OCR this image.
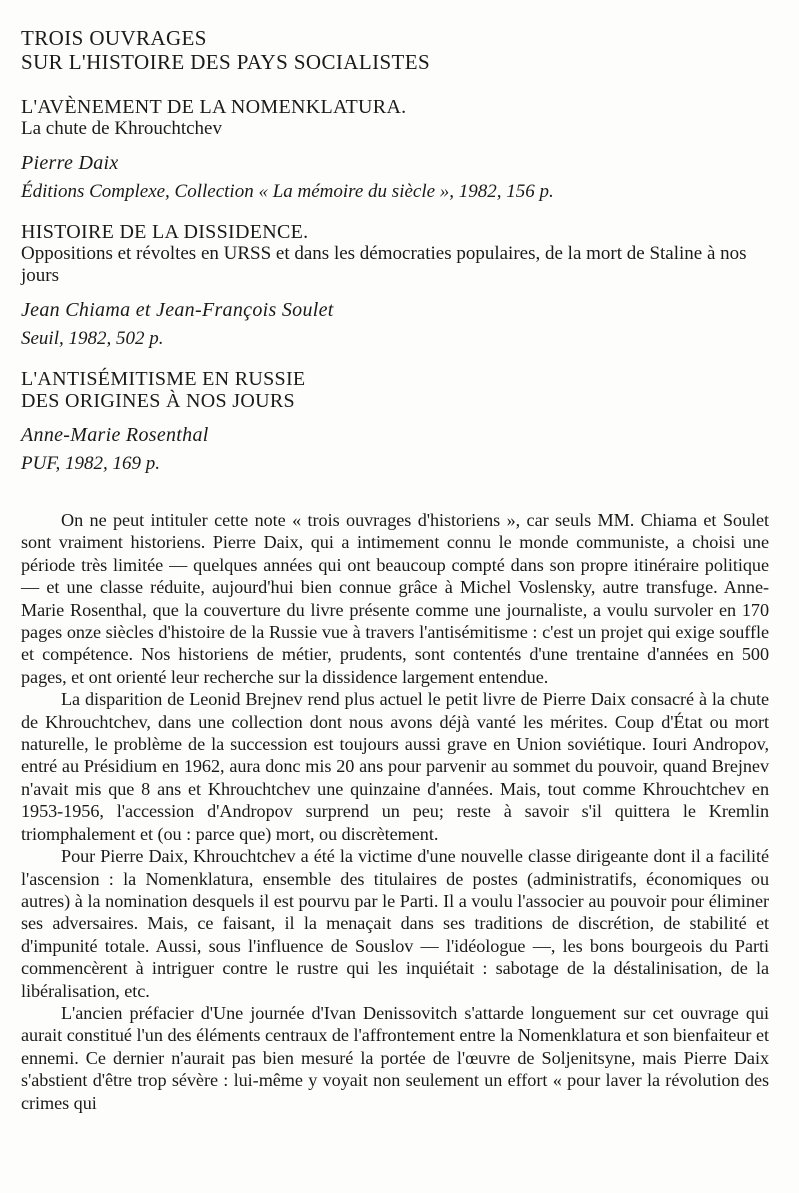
TROIS OUVRAGES
SUR L'HISTOIRE DES PAYS SOCIALISTES
L'AVÈNEMENT DE LA NOMENKLATURA.
La chute de Khrouchtchev
Pierre Daix
Éditions Complexe, Collection « La mémoire du siècle », 1982, 156 p.
HISTOIRE DE LA DISSIDENCE.
Oppositions et révoltes en URSS et dans les démocraties populaires, de la mort de Staline à nos jours
Jean Chiama et Jean-François Soulet
Seuil, 1982, 502 p.
L'ANTISÉMITISME EN RUSSIE
DES ORIGINES À NOS JOURS
Anne-Marie Rosenthal
PUF, 1982, 169 p.

On ne peut intituler cette note « trois ouvrages d'historiens », car seuls MM. Chiama et Soulet sont vraiment historiens. Pierre Daix, qui a intimement connu le monde communiste, a choisi une période très limitée — quelques années qui ont beaucoup compté dans son propre itinéraire politique — et une classe réduite, aujourd'hui bien connue grâce à Michel Voslensky, autre transfuge. Anne-Marie Rosenthal, que la couverture du livre présente comme une journaliste, a voulu survoler en 170 pages onze siècles d'histoire de la Russie vue à travers l'antisémitisme : c'est un projet qui exige souffle et compétence. Nos historiens de métier, prudents, sont contentés d'une trentaine d'années en 500 pages, et ont orienté leur recherche sur la dissidence largement entendue.

La disparition de Leonid Brejnev rend plus actuel le petit livre de Pierre Daix consacré à la chute de Khrouchtchev, dans une collection dont nous avons déjà vanté les mérites. Coup d'État ou mort naturelle, le problème de la succession est toujours aussi grave en Union soviétique. Iouri Andropov, entré au Présidium en 1962, aura donc mis 20 ans pour parvenir au sommet du pouvoir, quand Brejnev n'avait mis que 8 ans et Khrouchtchev une quinzaine d'années. Mais, tout comme Khrouchtchev en 1953-1956, l'accession d'Andropov surprend un peu; reste à savoir s'il quittera le Kremlin triomphalement et (ou : parce que) mort, ou discrètement.

Pour Pierre Daix, Khrouchtchev a été la victime d'une nouvelle classe dirigeante dont il a facilité l'ascension : la Nomenklatura, ensemble des titulaires de postes (administratifs, économiques ou autres) à la nomination desquels il est pourvu par le Parti. Il a voulu l'associer au pouvoir pour éliminer ses adversaires. Mais, ce faisant, il la menaçait dans ses traditions de discrétion, de stabilité et d'impunité totale. Aussi, sous l'influence de Souslov — l'idéologue —, les bons bourgeois du Parti commencèrent à intriguer contre le rustre qui les inquiétait : sabotage de la déstalinisation, de la libéralisation, etc.

L'ancien préfacier d'Une journée d'Ivan Denissovitch s'attarde longuement sur cet ouvrage qui aurait constitué l'un des éléments centraux de l'affrontement entre la Nomenklatura et son bienfaiteur et ennemi. Ce dernier n'aurait pas bien mesuré la portée de l'œuvre de Soljenitsyne, mais Pierre Daix s'abstient d'être trop sévère : lui-même y voyait non seulement un effort « pour laver la révolution des crimes qui
